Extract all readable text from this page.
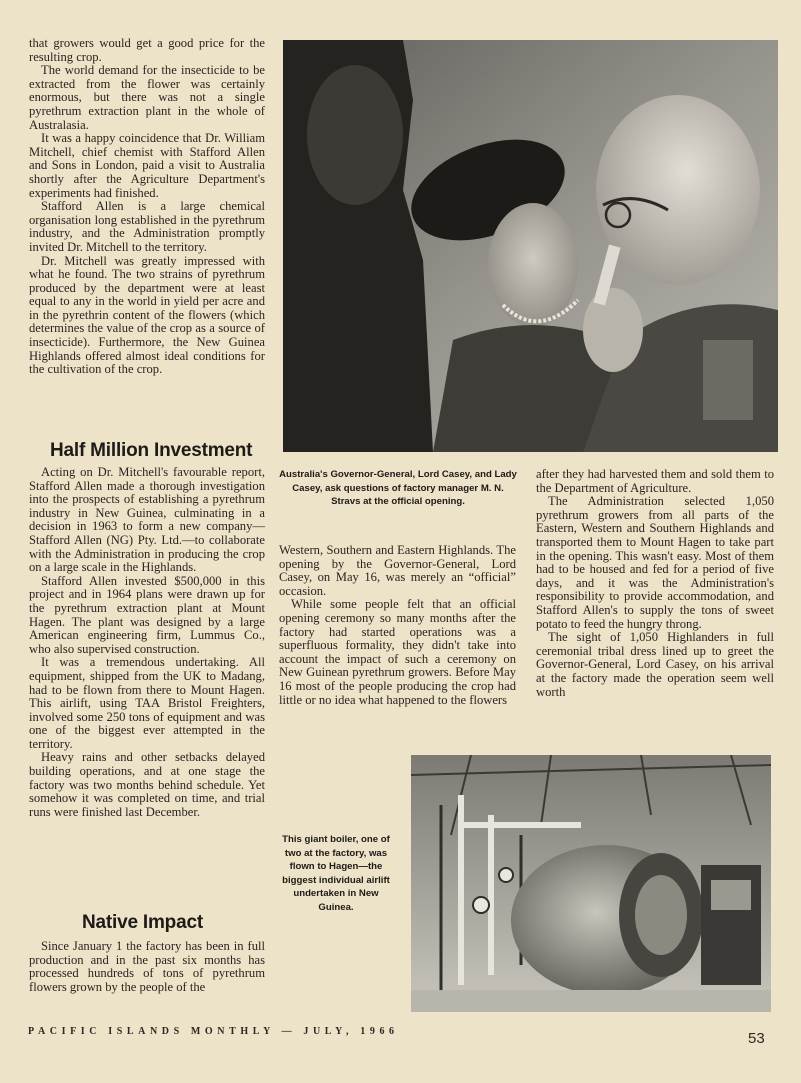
that growers would get a good price for the resulting crop.

The world demand for the insecticide to be extracted from the flower was certainly enormous, but there was not a single pyrethrum extraction plant in the whole of Australasia.

It was a happy coincidence that Dr. William Mitchell, chief chemist with Stafford Allen and Sons in London, paid a visit to Australia shortly after the Agriculture Department's experiments had finished.

Stafford Allen is a large chemical organisation long established in the pyrethrum industry, and the Administration promptly invited Dr. Mitchell to the territory.

Dr. Mitchell was greatly impressed with what he found. The two strains of pyrethrum produced by the department were at least equal to any in the world in yield per acre and in the pyrethrin content of the flowers (which determines the value of the crop as a source of insecticide). Furthermore, the New Guinea Highlands offered almost ideal conditions for the cultivation of the crop.

Half Million Investment

Acting on Dr. Mitchell's favourable report, Stafford Allen made a thorough investigation into the prospects of establishing a pyrethrum industry in New Guinea, culminating in a decision in 1963 to form a new company—Stafford Allen (NG) Pty. Ltd.—to collaborate with the Administration in producing the crop on a large scale in the Highlands.

Stafford Allen invested $500,000 in this project and in 1964 plans were drawn up for the pyrethrum extraction plant at Mount Hagen. The plant was designed by a large American engineering firm, Lummus Co., who also supervised construction.

It was a tremendous undertaking. All equipment, shipped from the UK to Madang, had to be flown from there to Mount Hagen. This airlift, using TAA Bristol Freighters, involved some 250 tons of equipment and was one of the biggest ever attempted in the territory.

Heavy rains and other setbacks delayed building operations, and at one stage the factory was two months behind schedule. Yet somehow it was completed on time, and trial runs were finished last December.

Native Impact

Since January 1 the factory has been in full production and in the past six months has processed hundreds of tons of pyrethrum flowers grown by the people of the

Australia's Governor-General, Lord Casey, and Lady Casey, ask questions of factory manager M. N. Stravs at the official opening.

Western, Southern and Eastern Highlands. The opening by the Governor-General, Lord Casey, on May 16, was merely an “official” occasion.

While some people felt that an official opening ceremony so many months after the factory had started operations was a superfluous formality, they didn't take into account the impact of such a ceremony on New Guinean pyrethrum growers. Before May 16 most of the people producing the crop had little or no idea what happened to the flowers

after they had harvested them and sold them to the Department of Agriculture.

The Administration selected 1,050 pyrethrum growers from all parts of the Eastern, Western and Southern Highlands and transported them to Mount Hagen to take part in the opening. This wasn't easy. Most of them had to be housed and fed for a period of five days, and it was the Administration's responsibility to provide accommodation, and Stafford Allen's to supply the tons of sweet potato to feed the hungry throng.

The sight of 1,050 Highlanders in full ceremonial tribal dress lined up to greet the Governor-General, Lord Casey, on his arrival at the factory made the operation seem well worth

This giant boiler, one of two at the factory, was flown to Hagen—the biggest individual airlift undertaken in New Guinea.
PACIFIC ISLANDS MONTHLY — JULY, 1966	53
